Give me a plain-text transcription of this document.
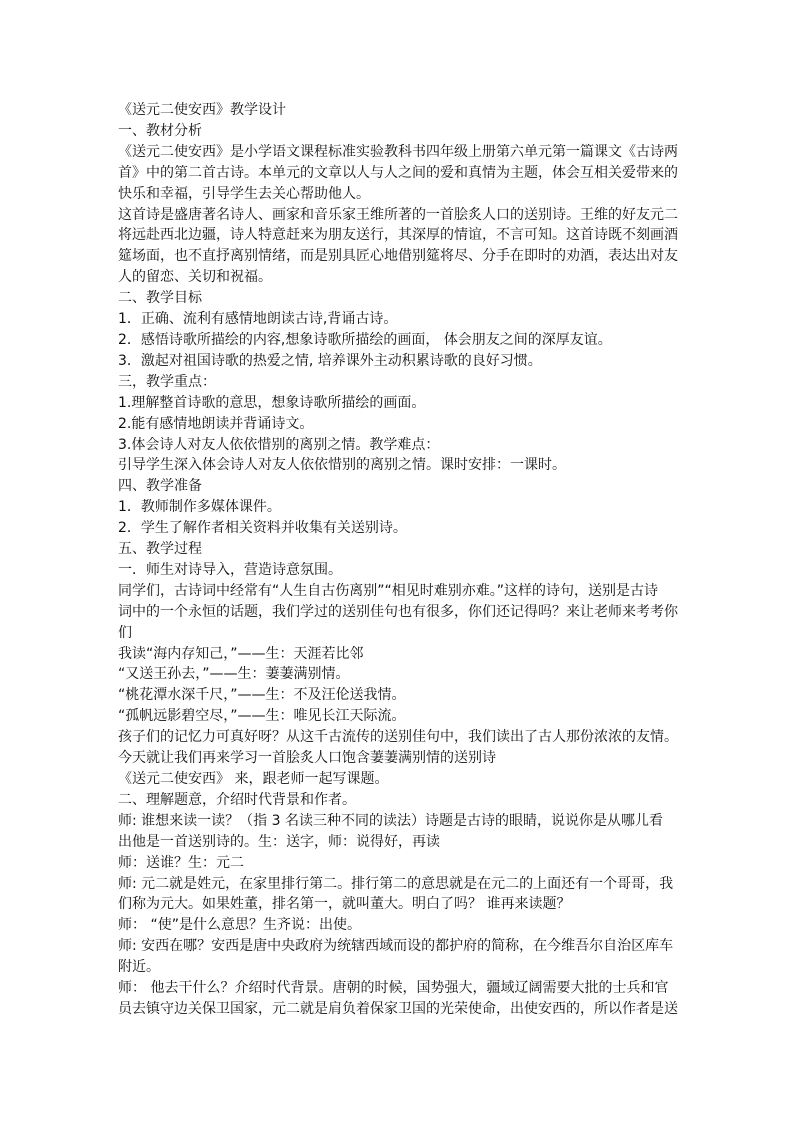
《送元二使安西》教学设计
一、教材分析
《送元二使安西》是小学语文课程标准实验教科书四年级上册第六单元第一篇课文《古诗两
首》中的第二首古诗。本单元的文章以人与人之间的爱和真情为主题，体会互相关爱带来的
快乐和幸福，引导学生去关心帮助他人。
这首诗是盛唐著名诗人、画家和音乐家王维所著的一首脍炙人口的送别诗。王维的好友元二
将远赴西北边疆，诗人特意赶来为朋友送行，其深厚的情谊，不言可知。这首诗既不刻画酒
筵场面，也不直抒离别情绪，而是别具匠心地借别筵将尽、分手在即时的劝酒，表达出对友
人的留恋、关切和祝福。
二、教学目标
1．正确、流利有感情地朗读古诗,背诵古诗。
2．感悟诗歌所描绘的内容,想象诗歌所描绘的画面， 体会朋友之间的深厚友谊。
3．激起对祖国诗歌的热爱之情, 培养课外主动积累诗歌的良好习惯。
三，教学重点：
1.理解整首诗歌的意思，想象诗歌所描绘的画面。
2.能有感情地朗读并背诵诗文。
3.体会诗人对友人依依惜别的离别之情。教学难点：
引导学生深入体会诗人对友人依依惜别的离别之情。课时安排：一课时。
四、教学准备
1．教师制作多媒体课件。
2．学生了解作者相关资料并收集有关送别诗。
五、教学过程
一．师生对诗导入，营造诗意氛围。
同学们，古诗词中经常有“人生自古伤离别”“相见时难别亦难。”这样的诗句，送别是古诗
词中的一个永恒的话题，我们学过的送别佳句也有很多，你们还记得吗？来让老师来考考你
们
我读“海内存知己，”——生：天涯若比邻
“又送王孙去，”——生：萋萋满别情。
“桃花潭水深千尺，”——生：不及汪伦送我情。
“孤帆远影碧空尽，”——生：唯见长江天际流。
孩子们的记忆力可真好呀？从这千古流传的送别佳句中，我们读出了古人那份浓浓的友情。
今天就让我们再来学习一首脍炙人口饱含萋萋满别情的送别诗
《送元二使安西》 来，跟老师一起写课题。
二、理解题意，介绍时代背景和作者。
师: 谁想来读一读？（指 3 名读三种不同的读法）诗题是古诗的眼睛，说说你是从哪儿看
出他是一首送别诗的。生：送字，师：说得好，再读
师：送谁？生：元二
师: 元二就是姓元，在家里排行第二。排行第二的意思就是在元二的上面还有一个哥哥，我
们称为元大。如果姓董，排名第一，就叫董大。明白了吗？ 谁再来读题？
师： “使”是什么意思？生齐说：出使。
师: 安西在哪？安西是唐中央政府为统辖西域而设的都护府的简称，在今维吾尔自治区库车
附近。
师： 他去干什么？介绍时代背景。唐朝的时候，国势强大，疆域辽阔需要大批的士兵和官
员去镇守边关保卫国家，元二就是肩负着保家卫国的光荣使命，出使安西的，所以作者是送
